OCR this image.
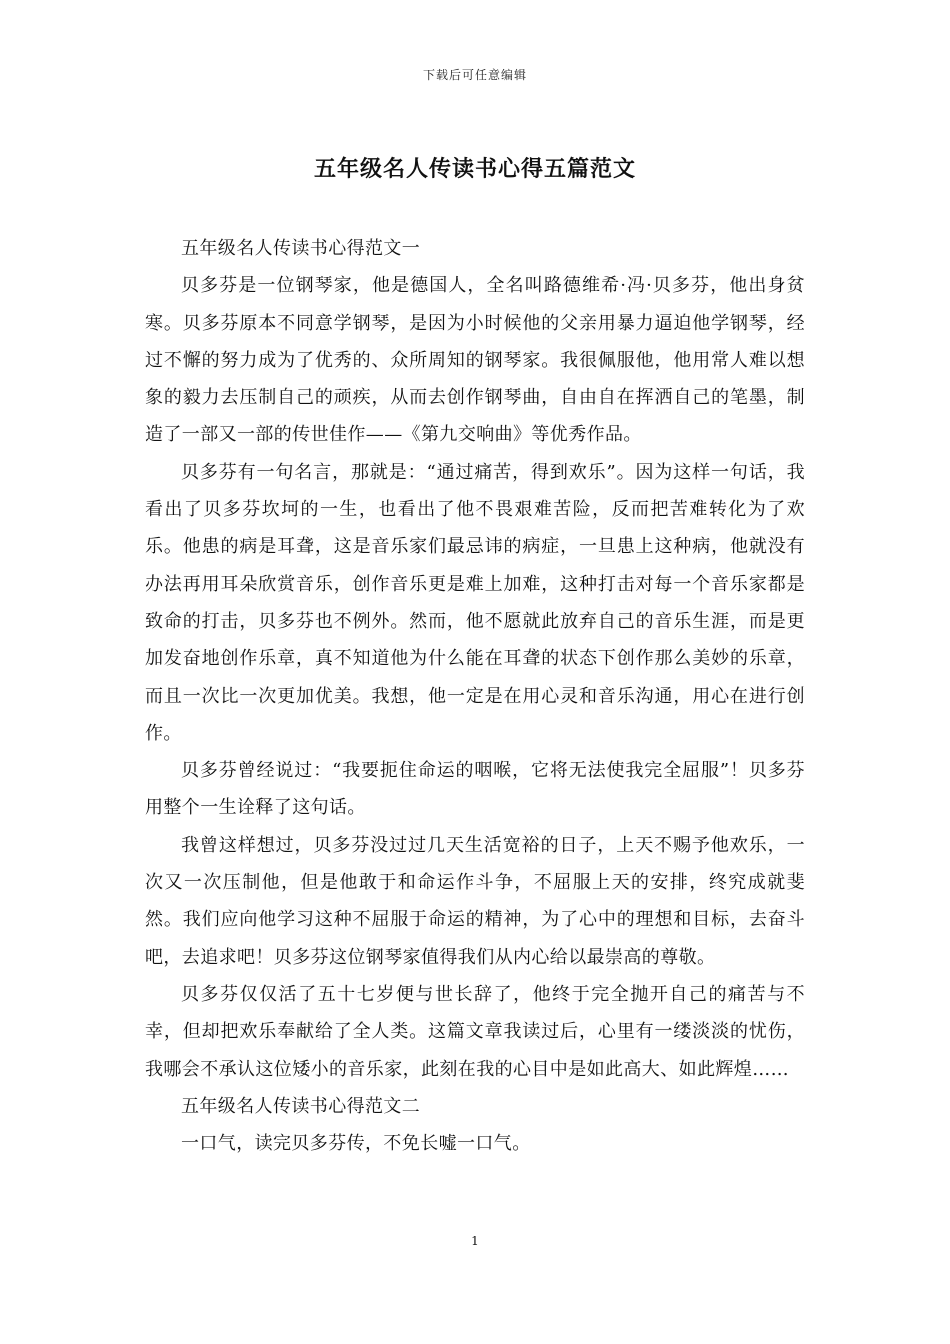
下载后可任意编辑
五年级名人传读书心得五篇范文

五年级名人传读书心得范文一

贝多芬是一位钢琴家，他是德国人，全名叫路德维希·冯·贝多芬，他出身贫寒。贝多芬原本不同意学钢琴，是因为小时候他的父亲用暴力逼迫他学钢琴，经过不懈的努力成为了优秀的、众所周知的钢琴家。我很佩服他，他用常人难以想象的毅力去压制自己的顽疾，从而去创作钢琴曲，自由自在挥洒自己的笔墨，制造了一部又一部的传世佳作——《第九交响曲》等优秀作品。

贝多芬有一句名言，那就是：“通过痛苦，得到欢乐”。因为这样一句话，我看出了贝多芬坎坷的一生，也看出了他不畏艰难苦险，反而把苦难转化为了欢乐。他患的病是耳聋，这是音乐家们最忌讳的病症，一旦患上这种病，他就没有办法再用耳朵欣赏音乐，创作音乐更是难上加难，这种打击对每一个音乐家都是致命的打击，贝多芬也不例外。然而，他不愿就此放弃自己的音乐生涯，而是更加发奋地创作乐章，真不知道他为什么能在耳聋的状态下创作那么美妙的乐章，而且一次比一次更加优美。我想，他一定是在用心灵和音乐沟通，用心在进行创作。

贝多芬曾经说过：“我要扼住命运的咽喉，它将无法使我完全屈服”！贝多芬用整个一生诠释了这句话。

我曾这样想过，贝多芬没过过几天生活宽裕的日子，上天不赐予他欢乐，一次又一次压制他，但是他敢于和命运作斗争，不屈服上天的安排，终究成就斐然。我们应向他学习这种不屈服于命运的精神，为了心中的理想和目标，去奋斗吧，去追求吧！贝多芬这位钢琴家值得我们从内心给以最崇高的尊敬。

贝多芬仅仅活了五十七岁便与世长辞了，他终于完全抛开自己的痛苦与不幸，但却把欢乐奉献给了全人类。这篇文章我读过后，心里有一缕淡淡的忧伤，我哪会不承认这位矮小的音乐家，此刻在我的心目中是如此高大、如此辉煌……

五年级名人传读书心得范文二

一口气，读完贝多芬传，不免长嘘一口气。

1
